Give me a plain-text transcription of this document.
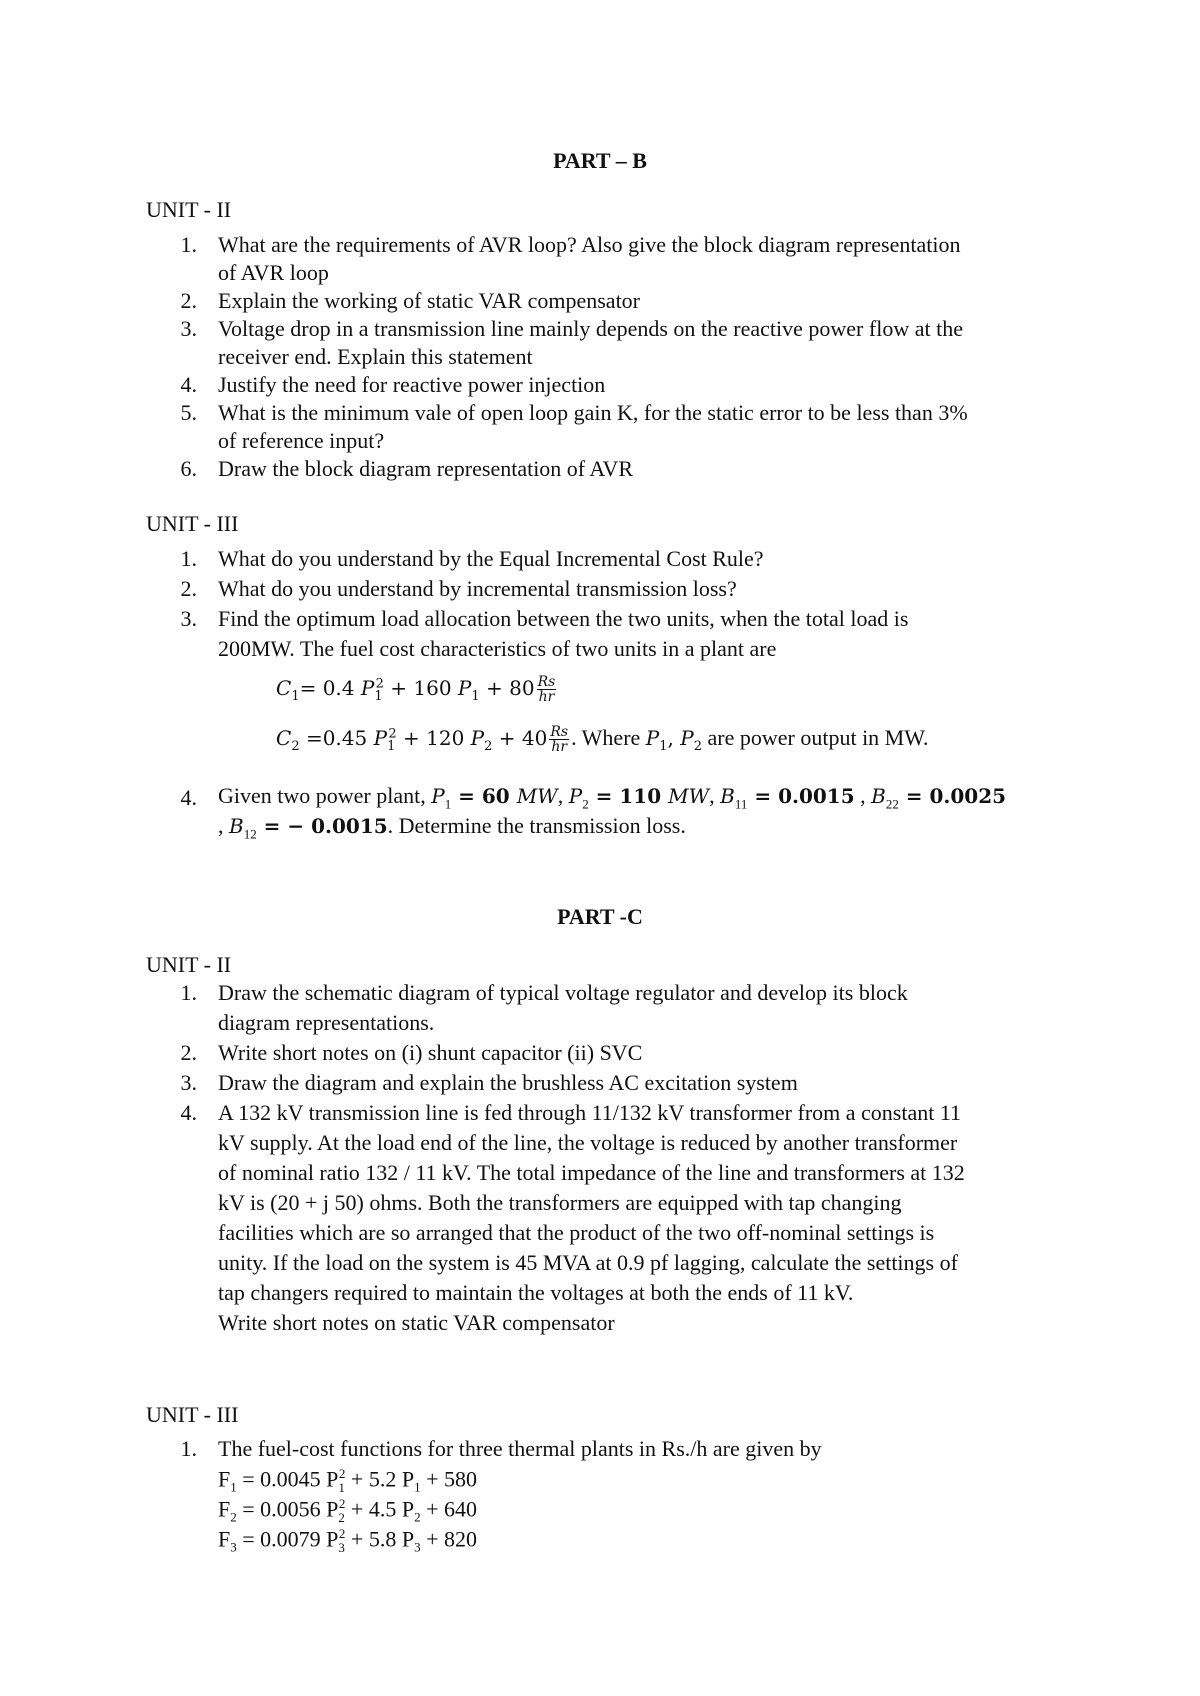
PART – B
UNIT - II
1. What are the requirements of AVR loop? Also give the block diagram representation
of AVR loop
2. Explain the working of static VAR compensator
3. Voltage drop in a transmission line mainly depends on the reactive power flow at the
receiver end. Explain this statement
4. Justify the need for reactive power injection
5. What is the minimum vale of open loop gain K, for the static error to be less than 3%
of reference input?
6. Draw the block diagram representation of AVR
UNIT - III
1. What do you understand by the Equal Incremental Cost Rule?
2. What do you understand by incremental transmission loss?
3. Find the optimum load allocation between the two units, when the total load is
200MW. The fuel cost characteristics of two units in a plant are
$C_1= 0.4$ $P_1^2 + 160$ $P_1 + 80 \frac{Rs}{hr}$
$C_2 =0.45$ $P_1^2 + 120$ $P_2 + 40 \frac{Rs}{hr}$ . Where $P_1$, $P_2$ are power output in MW.
4. Given two power plant, $P_1 = 60$ MW, $P_2 = 110$ MW, $B_{11} = 0.0015$ , $B_{22} = 0.0025$
, $B_{12}$ = − 0.0015. Determine the transmission loss.
PART -C
UNIT - II
1. Draw the schematic diagram of typical voltage regulator and develop its block
diagram representations.
2. Write short notes on (i) shunt capacitor (ii) SVC
3. Draw the diagram and explain the brushless AC excitation system
4. A 132 kV transmission line is fed through 11/132 kV transformer from a constant 11
kV supply. At the load end of the line, the voltage is reduced by another transformer
of nominal ratio 132 / 11 kV. The total impedance of the line and transformers at 132
kV is (20 + j 50) ohms. Both the transformers are equipped with tap changing
facilities which are so arranged that the product of the two off-nominal settings is
unity. If the load on the system is 45 MVA at 0.9 pf lagging, calculate the settings of
tap changers required to maintain the voltages at both the ends of 11 kV.
Write short notes on static VAR compensator
UNIT - III
1. The fuel-cost functions for three thermal plants in Rs./h are given by
$F_1 = 0.0045$ $P_1^2 + 5.2$ $P_1 + 580$
$F_2 = 0.0056$ $P_2^2 + 4.5$ $P_2 + 640$
$F_3 = 0.0079$ $P_3^2 + 5.8$ $P_3 + 820$
